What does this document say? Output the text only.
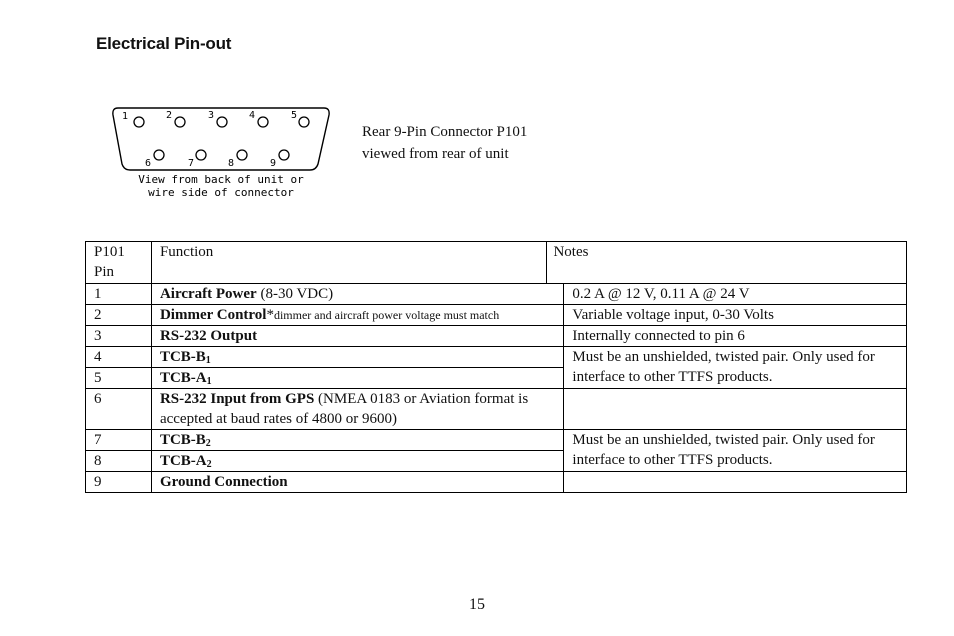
Electrical Pin-out
1	2	3	4	5
6	7	8	9
View from back of unit or
wire side of connector
Rear 9-Pin Connector P101
viewed from rear of unit
P101
Pin	Function	Notes	
1	Aircraft Power (8-30 VDC)		0.2 A @ 12 V, 0.11 A @ 24 V
2	Dimmer Control*dimmer and aircraft power voltage must match		Variable voltage input, 0-30 Volts
3	RS-232 Output		Internally connected to pin 6
4	TCB-$B_1$		Must be an unshielded, twisted pair. Only used for interface to other TTFS products.
5	TCB-$A_1$
6	RS-232 Input from GPS (NMEA 0183 or Aviation format is accepted at baud rates of 4800 or 9600)		
7	TCB-$B_2$		Must be an unshielded, twisted pair. Only used for interface to other TTFS products.
8	TCB-$A_2$
9	Ground Connection		
15
